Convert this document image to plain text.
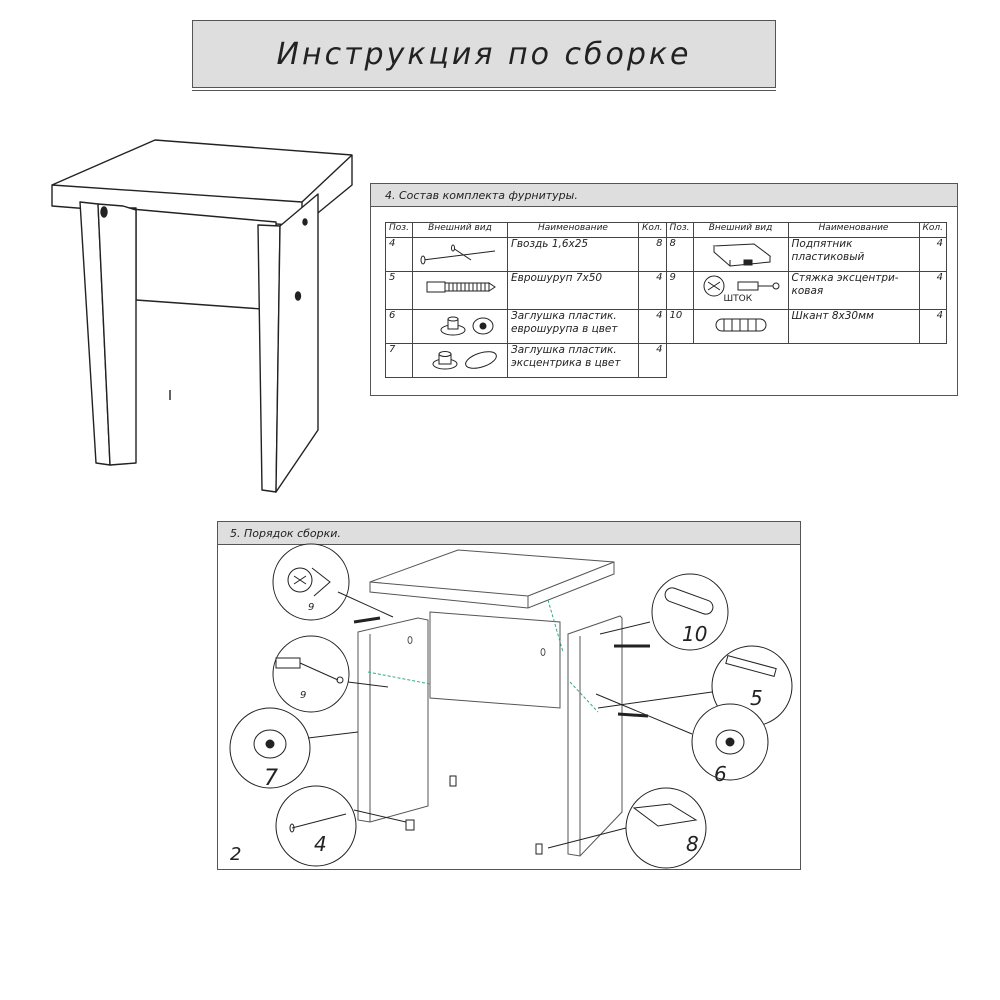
Инструкция по сборке
4. Состав комплекта фурнитуры.
Поз.	Внешний вид	Наименование	Кол.	Поз.	Внешний вид	Наименование	Кол.
4		Гвоздь 1,6х25	8	8		Подпятник пластиковый	4
5		Еврошуруп 7х50	4	9	ШТОК	Стяжка эксцентри-ковая	4
6		Заглушка пластик. еврошурупа в цвет	4	10		Шкант 8х30мм	4
7		Заглушка пластик. эксцентрика в цвет	4				
5. Порядок сборки.
9
9
7
4
10
5
6
8
2
